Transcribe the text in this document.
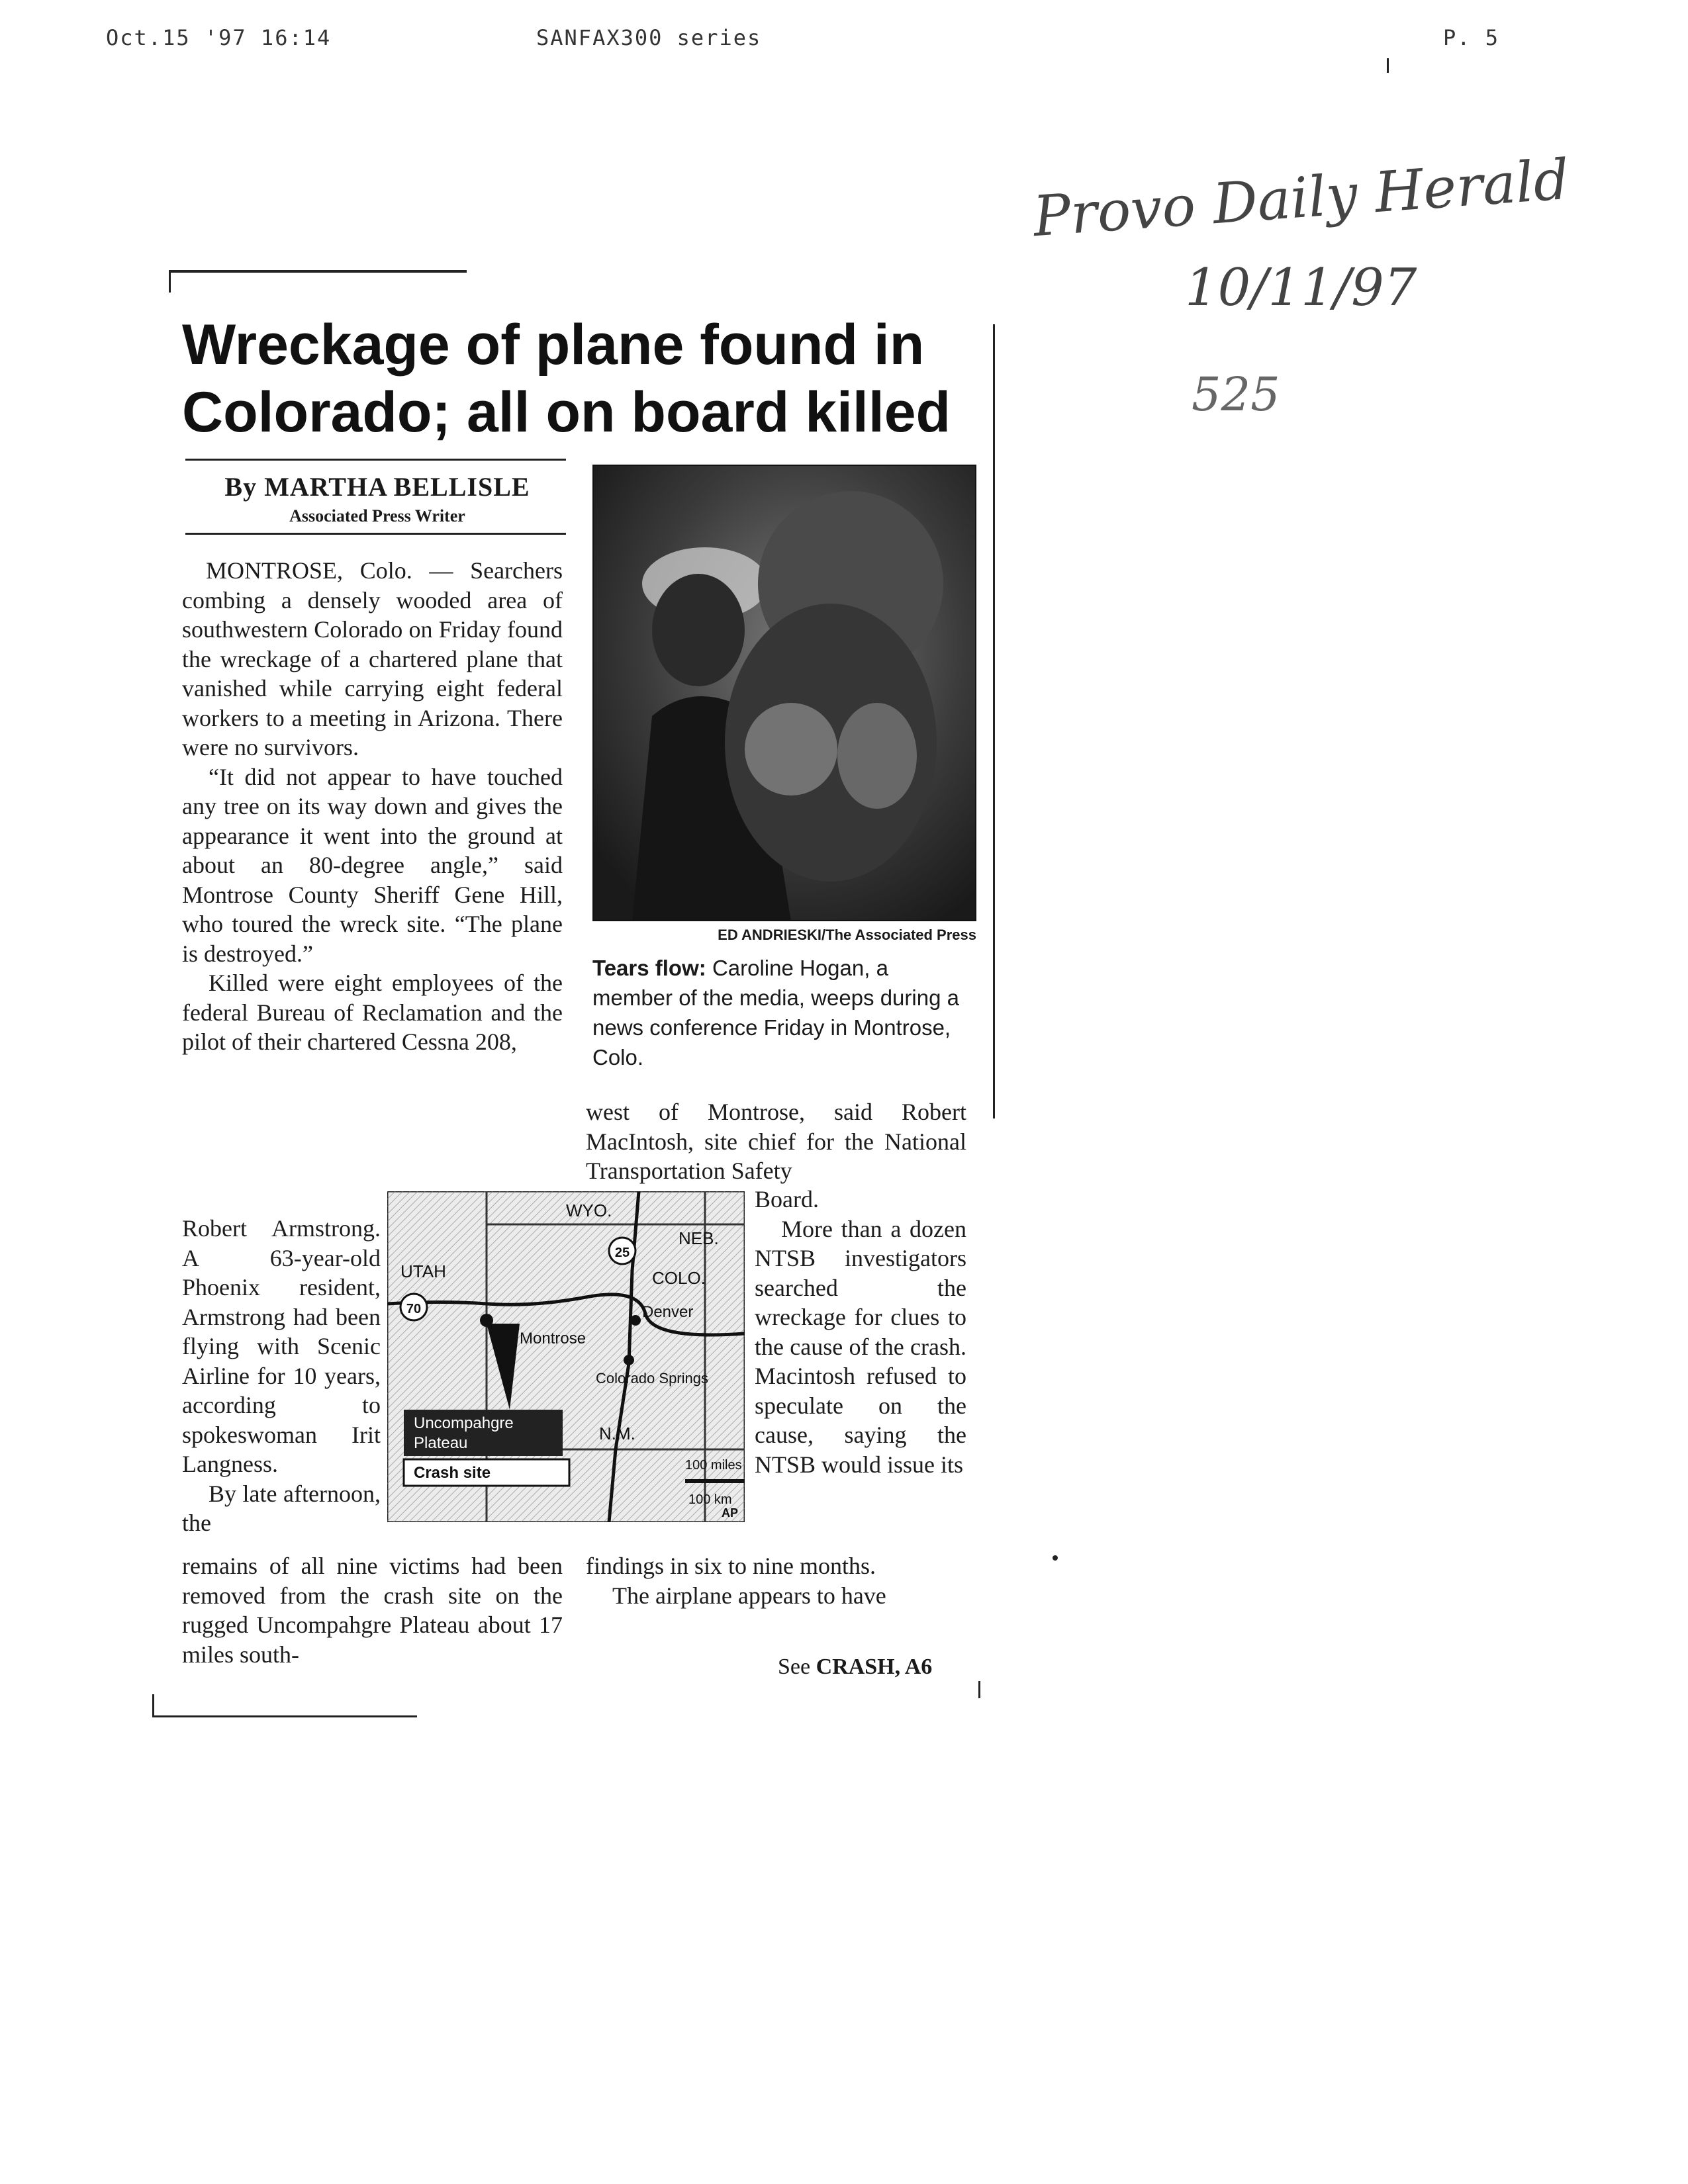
Oct.15 '97 16:14	SANFAX300 series	P. 5
Provo Daily Herald
10/11/97
525
Wreckage of plane found in
Colorado; all on board killed
By MARTHA BELLISLE
Associated Press Writer

MONTROSE, Colo. — Searchers combing a densely wooded area of southwestern Colorado on Friday found the wreckage of a chartered plane that vanished while carrying eight federal workers to a meeting in Arizona. There were no survivors.

“It did not appear to have touched any tree on its way down and gives the appearance it went into the ground at about an 80-degree angle,” said Montrose County Sheriff Gene Hill, who toured the wreck site. “The plane is destroyed.”

Killed were eight employees of the federal Bureau of Reclamation and the pilot of their chartered Cessna 208,

Robert Armstrong. A 63-year-old Phoenix resident, Armstrong had been flying with Scenic Airline for 10 years, according to spokeswoman Irit Langness.

By late afternoon, the

remains of all nine victims had been removed from the crash site on the rugged Uncompahgre Plateau about 17 miles south-

ED ANDRIESKI/The Associated Press
Tears flow: Caroline Hogan, a member of the media, weeps during a news conference Friday in Montrose, Colo.

west of Montrose, said Robert MacIntosh, site chief for the National Transportation Safety

Board.

More than a dozen NTSB investigators searched the wreckage for clues to the cause of the crash. Macintosh refused to speculate on the cause, saying the NTSB would issue its

findings in six to nine months.

The airplane appears to have

See CRASH, A6
UTAH
WYO.
NEB.
COLO.
N.M.
70
25
Montrose
Denver
Colorado Springs
Uncompahgre
Plateau
Crash site	100 miles
100 km
AP
